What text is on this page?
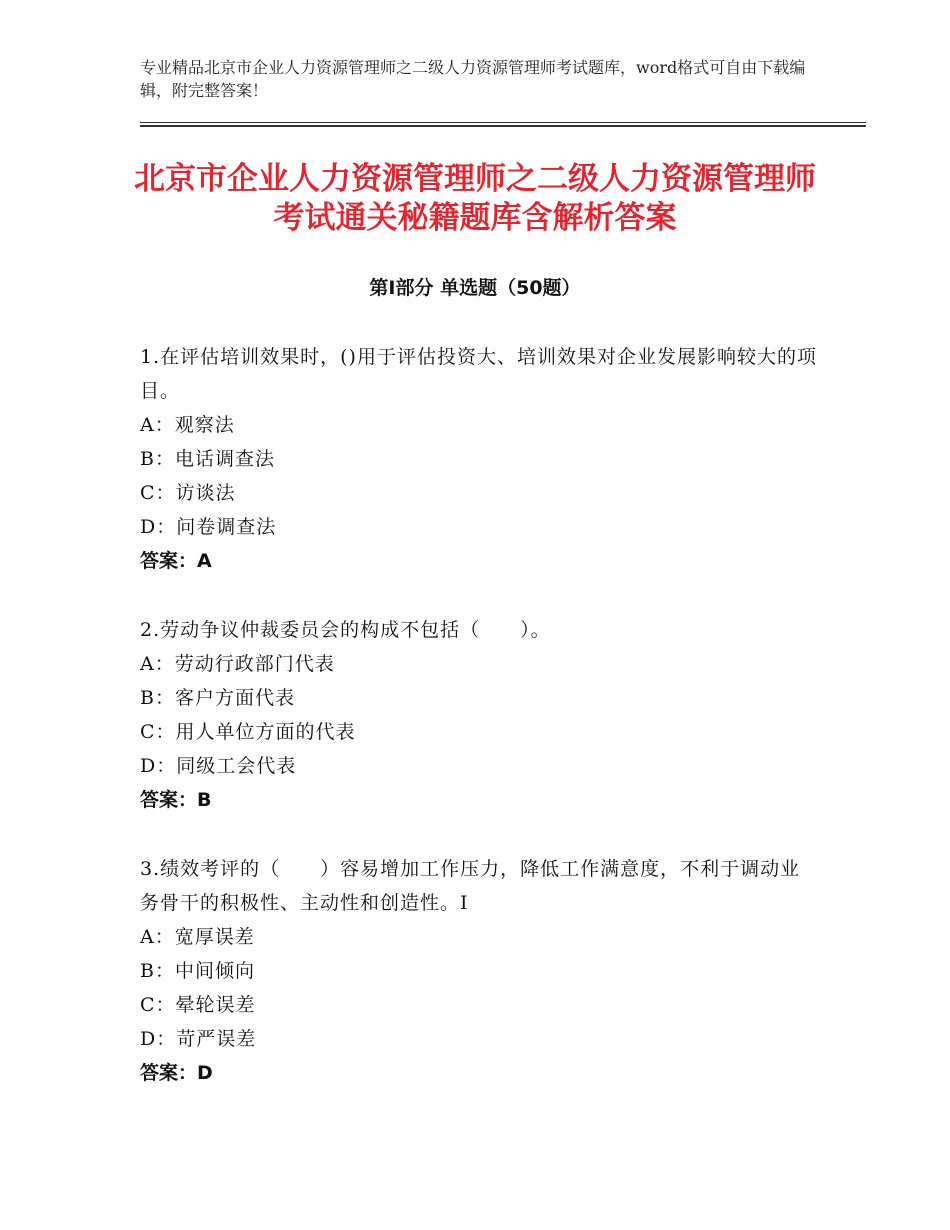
专业精品北京市企业人力资源管理师之二级人力资源管理师考试题库，word格式可自由下载编辑，附完整答案！
北京市企业人力资源管理师之二级人力资源管理师考试通关秘籍题库含解析答案
第Ⅰ部分 单选题（50题）
1.在评估培训效果时，()用于评估投资大、培训效果对企业发展影响较大的项目。
A：观察法
B：电话调查法
C：访谈法
D：问卷调查法
答案：A
2.劳动争议仲裁委员会的构成不包括（　　）。
A：劳动行政部门代表
B：客户方面代表
C：用人单位方面的代表
D：同级工会代表
答案：B
3.绩效考评的（　　）容易增加工作压力，降低工作满意度，不利于调动业务骨干的积极性、主动性和创造性。I
A：宽厚误差
B：中间倾向
C：晕轮误差
D：苛严误差
答案：D
